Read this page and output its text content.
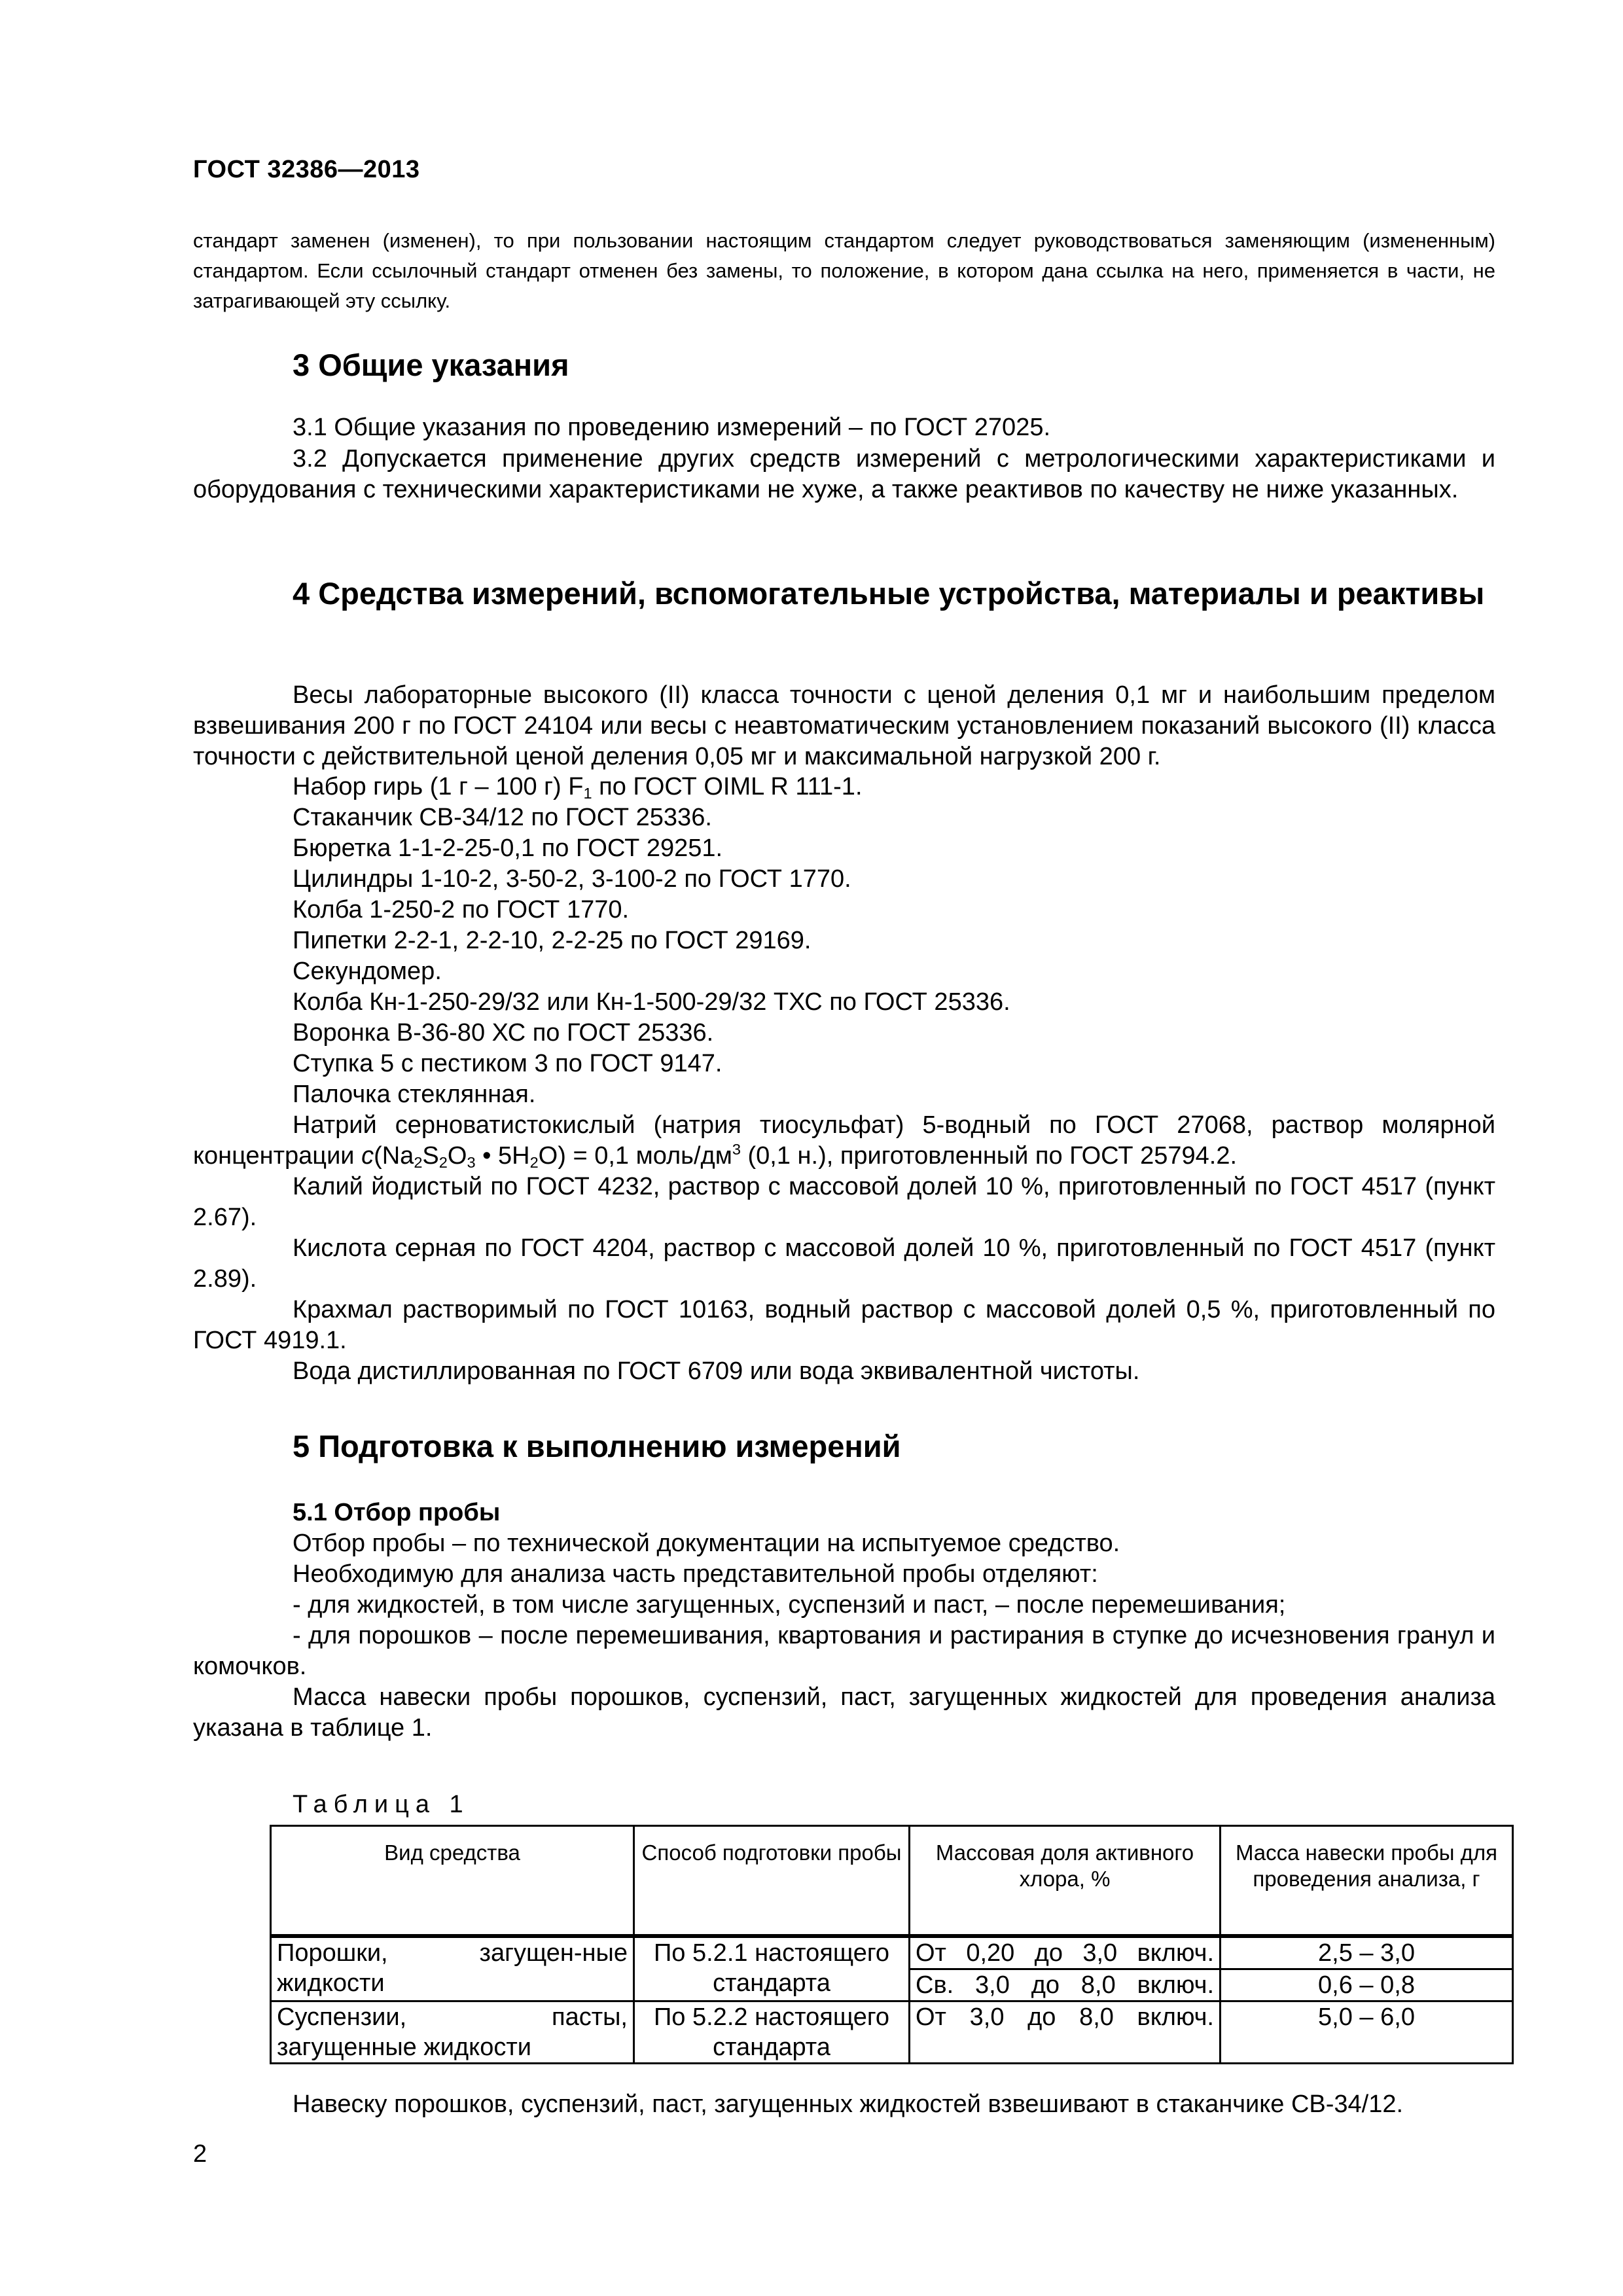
ГОСТ 32386—2013
стандарт заменен (изменен), то при пользовании настоящим стандартом следует руководствоваться заменяющим (измененным) стандартом. Если ссылочный стандарт отменен без замены, то положение, в котором дана ссылка на него, применяется в части, не затрагивающей эту ссылку.
3 Общие указания
3.1 Общие указания по проведению измерений – по ГОСТ 27025.
3.2 Допускается применение других средств измерений с метрологическими характеристиками и оборудования с техническими характеристиками не хуже, а также реактивов по качеству не ниже указанных.
4 Средства измерений, вспомогательные устройства, материалы и реактивы
Весы лабораторные высокого (II) класса точности с ценой деления 0,1 мг и наибольшим пределом взвешивания 200 г по ГОСТ 24104 или весы с неавтоматическим установлением показаний высокого (II) класса точности с действительной ценой деления 0,05 мг и максимальной нагрузкой 200 г.
Набор гирь (1 г – 100 г) $F_1$ по ГОСТ OIML R 111-1.
Стаканчик СВ-34/12 по ГОСТ 25336.
Бюретка 1-1-2-25-0,1 по ГОСТ 29251.
Цилиндры 1-10-2, 3-50-2, 3-100-2 по ГОСТ 1770.
Колба 1-250-2 по ГОСТ 1770.
Пипетки 2-2-1, 2-2-10, 2-2-25 по ГОСТ 29169.
Секундомер.
Колба Кн-1-250-29/32 или Кн-1-500-29/32 ТХС по ГОСТ 25336.
Воронка В-36-80 ХС по ГОСТ 25336.
Ступка 5 с пестиком 3 по ГОСТ 9147.
Палочка стеклянная.
Натрий серноватистокислый (натрия тиосульфат) 5-водный по ГОСТ 27068, раствор молярной
концентрации $c(Na_2S_2O_3$ • $5H_2O) = 0,1$ моль/$дм^3$ (0,1 н.), приготовленный по ГОСТ 25794.2.
Калий йодистый по ГОСТ 4232, раствор с массовой долей 10 %, приготовленный по ГОСТ 4517 (пункт 2.67).
Кислота серная по ГОСТ 4204, раствор с массовой долей 10 %, приготовленный по ГОСТ 4517 (пункт 2.89).
Крахмал растворимый по ГОСТ 10163, водный раствор с массовой долей 0,5 %, приготовленный по ГОСТ 4919.1.
Вода дистиллированная по ГОСТ 6709 или вода эквивалентной чистоты.
5 Подготовка к выполнению измерений
5.1 Отбор пробы
Отбор пробы – по технической документации на испытуемое средство.
Необходимую для анализа часть представительной пробы отделяют:
- для жидкостей, в том числе загущенных, суспензий и паст, – после перемешивания;
- для порошков – после перемешивания, квартования и растирания в ступке до исчезновения гранул и комочков.
Масса навески пробы порошков, суспензий, паст, загущенных жидкостей для проведения анализа указана в таблице 1.
Таблица 1
Вид средства	Способ подготовки пробы	Массовая доля активного хлора, %	Масса навески пробы для проведения анализа, г
Порошки, загущен-ные жидкости	По 5.2.1 настоящего стандарта	От 0,20 до 3,0 включ.	2,5 – 3,0
		Св. 3,0 до 8,0 включ.	0,6 – 0,8
Суспензии, пасты, загущенные жидкости	По 5.2.2 настоящего стандарта	От 3,0 до 8,0 включ.	5,0 – 6,0
Навеску порошков, суспензий, паст, загущенных жидкостей взвешивают в стаканчике СВ-34/12.
2
